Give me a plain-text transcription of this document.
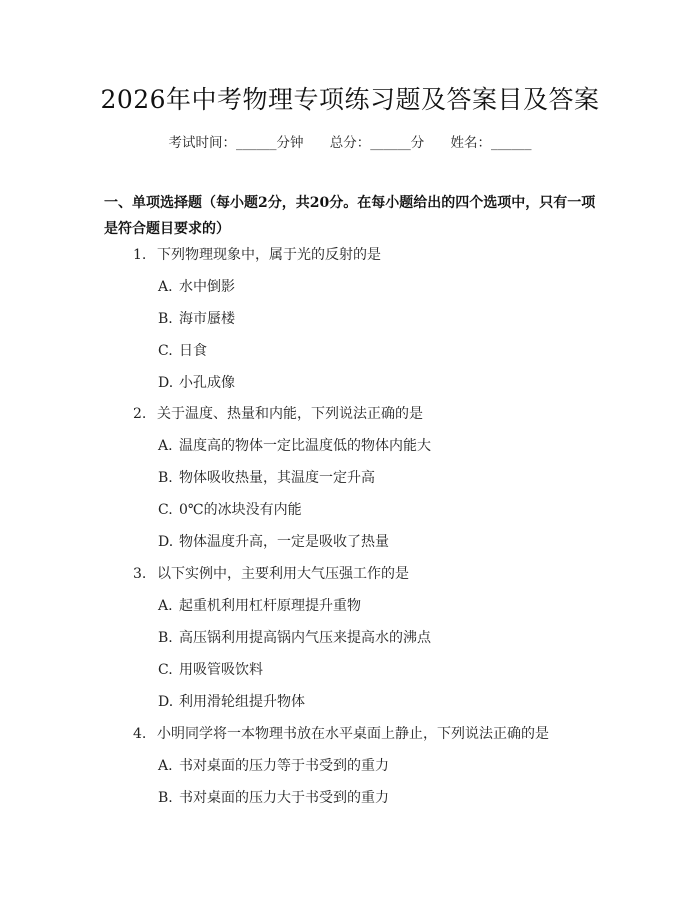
2026年中考物理专项练习题及答案目及答案
考试时间：______分钟 总分：______分 姓名：______
一、单项选择题（每小题2分，共20分。在每小题给出的四个选项中，只有一项是符合题目要求的）
1. 下列物理现象中，属于光的反射的是
A. 水中倒影
B. 海市蜃楼
C. 日食
D. 小孔成像
2. 关于温度、热量和内能，下列说法正确的是
A. 温度高的物体一定比温度低的物体内能大
B. 物体吸收热量，其温度一定升高
C. 0℃的冰块没有内能
D. 物体温度升高，一定是吸收了热量
3. 以下实例中，主要利用大气压强工作的是
A. 起重机利用杠杆原理提升重物
B. 高压锅利用提高锅内气压来提高水的沸点
C. 用吸管吸饮料
D. 利用滑轮组提升物体
4. 小明同学将一本物理书放在水平桌面上静止，下列说法正确的是
A. 书对桌面的压力等于书受到的重力
B. 书对桌面的压力大于书受到的重力
